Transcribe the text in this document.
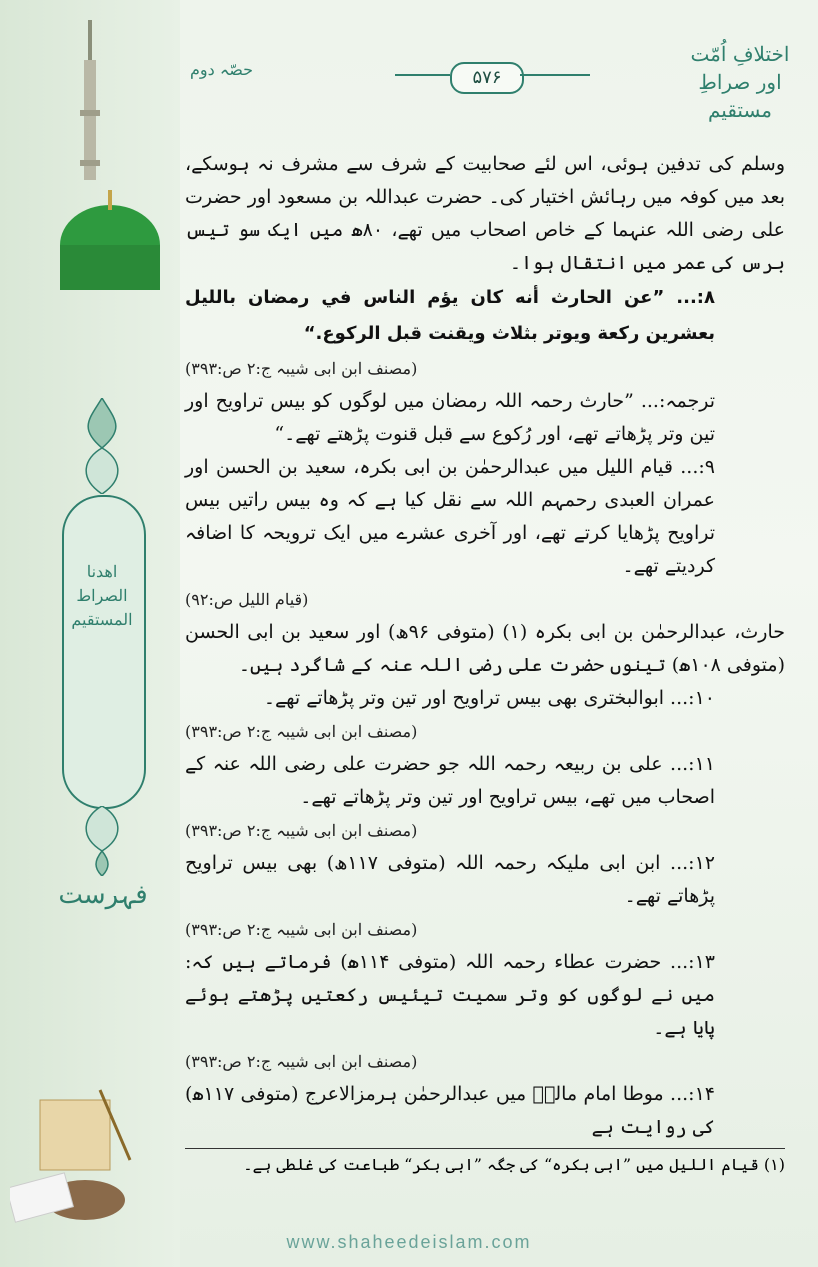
اهدنا الصراط المستقیم
فہرست
حصّہ دوم	۵۷۶
اختلافِ اُمّت
اور صراطِ مستقیم

وسلم کی تدفین ہوئی، اس لئے صحابیت کے شرف سے مشرف نہ ہوسکے، بعد میں کوفہ میں رہائش اختیار کی۔ حضرت عبداللہ بن مسعود اور حضرت علی رضی اللہ عنہما کے خاص اصحاب میں تھے، ۸۰ھ میں ایک سو تیس برس کی عمر میں انتقال ہوا۔

۸:... ”عن الحارث أنه كان يؤم الناس في رمضان بالليل بعشرين ركعة ويوتر بثلاث ويقنت قبل الركوع.“

(مصنف ابن ابی شیبہ ج:۲ ص:۳۹۳)

ترجمہ:... ”حارث رحمہ اللہ رمضان میں لوگوں کو بیس تراویح اور تین وتر پڑھاتے تھے، اور رُکوع سے قبل قنوت پڑھتے تھے۔“

۹:... قیام اللیل میں عبدالرحمٰن بن ابی بکرہ، سعید بن الحسن اور عمران العبدی رحمہم اللہ سے نقل کیا ہے کہ وہ بیس راتیں بیس تراویح پڑھایا کرتے تھے، اور آخری عشرے میں ایک ترویحہ کا اضافہ کردیتے تھے۔

(قیام اللیل ص:۹۲)

حارث، عبدالرحمٰن بن ابی بکرہ (۱) (متوفی ۹۶ھ) اور سعید بن ابی الحسن (متوفی ۱۰۸ھ) تینوں حضرت علی رضی اللہ عنہ کے شاگرد ہیں۔

۱۰:... ابوالبختری بھی بیس تراویح اور تین وتر پڑھاتے تھے۔

(مصنف ابن ابی شیبہ ج:۲ ص:۳۹۳)

۱۱:... علی بن ربیعہ رحمہ اللہ جو حضرت علی رضی اللہ عنہ کے اصحاب میں تھے، بیس تراویح اور تین وتر پڑھاتے تھے۔

(مصنف ابن ابی شیبہ ج:۲ ص:۳۹۳)

۱۲:... ابن ابی ملیکہ رحمہ اللہ (متوفی ۱۱۷ھ) بھی بیس تراویح پڑھاتے تھے۔

(مصنف ابن ابی شیبہ ج:۲ ص:۳۹۳)

۱۳:... حضرت عطاء رحمہ اللہ (متوفی ۱۱۴ھ) فرماتے ہیں کہ: میں نے لوگوں کو وتر سمیت تیئیس رکعتیں پڑھتے ہوئے پایا ہے۔

(مصنف ابن ابی شیبہ ج:۲ ص:۳۹۳)

۱۴:... موطا امام مالکؒ میں عبدالرحمٰن ہرمزالاعرج (متوفی ۱۱۷ھ) کی روایت ہے

(۱) قیام اللیل میں ”ابی بکرہ“ کی جگہ ”ابی بکر“ طباعت کی غلطی ہے۔
www.shaheedeislam.com
